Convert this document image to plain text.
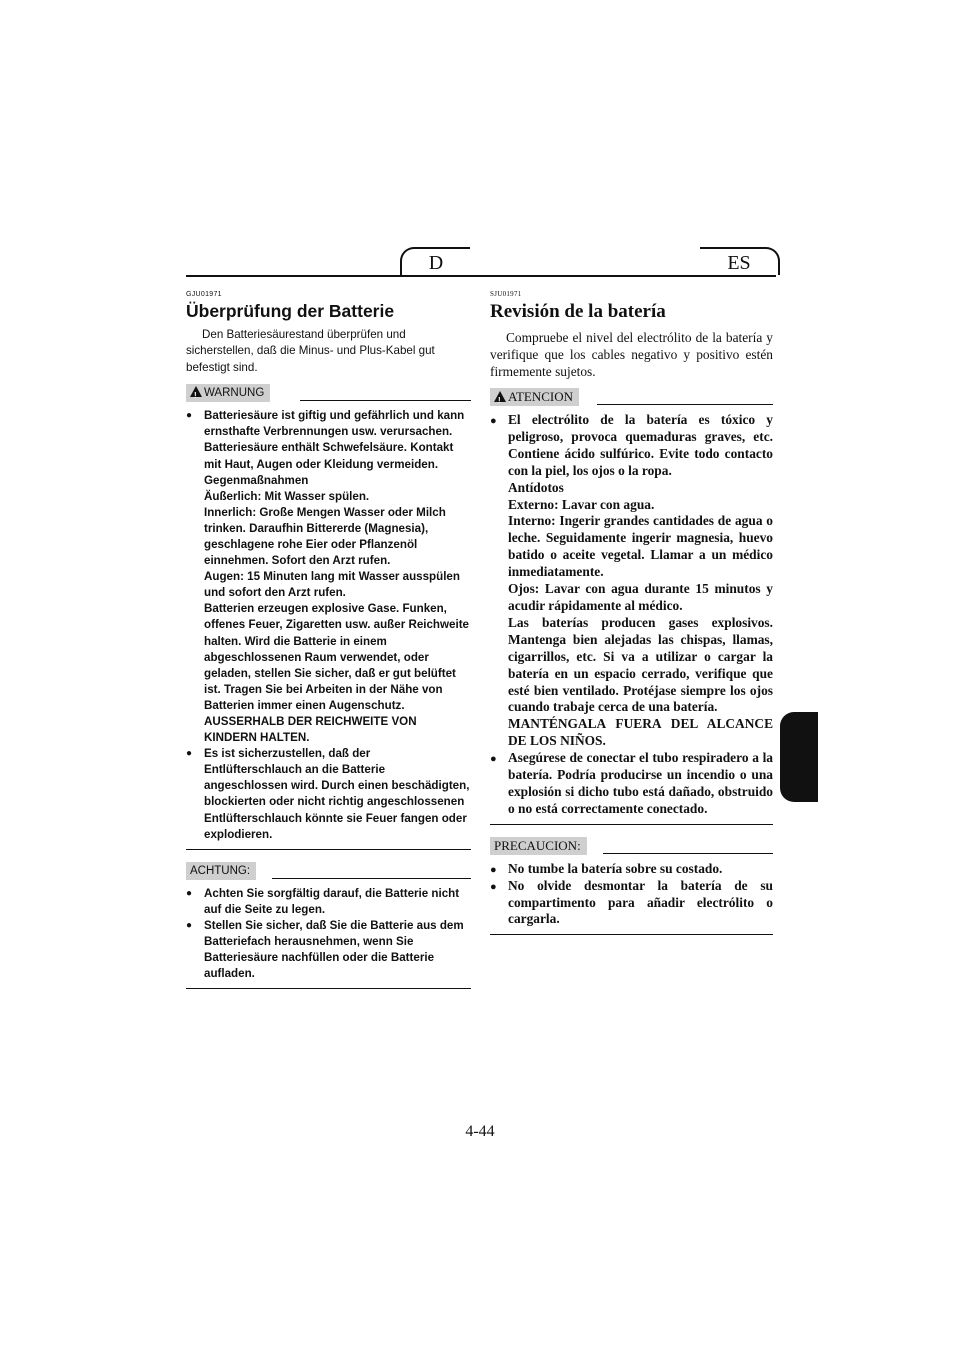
D	ES

GJU01971

Überprüfung der Batterie

Den Batteriesäurestand überprüfen und sicherstellen, daß die Minus- und Plus-Kabel gut befestigt sind.

!WARNUNG
● Batteriesäure ist giftig und gefährlich und kann ernsthafte Verbrennungen usw. verursachen. Batteriesäure enthält Schwefelsäure. Kontakt mit Haut, Augen oder Kleidung vermeiden.
Gegenmaßnahmen
Äußerlich: Mit Wasser spülen.
Innerlich: Große Mengen Wasser oder Milch trinken. Daraufhin Bittererde (Magnesia), geschlagene rohe Eier oder Pflanzenöl einnehmen. Sofort den Arzt rufen.
Augen: 15 Minuten lang mit Wasser ausspülen und sofort den Arzt rufen.
Batterien erzeugen explosive Gase. Funken, offenes Feuer, Zigaretten usw. außer Reichweite halten. Wird die Batterie in einem abgeschlossenen Raum verwendet, oder geladen, stellen Sie sicher, daß er gut belüftet ist. Tragen Sie bei Arbeiten in der Nähe von Batterien immer einen Augenschutz.
AUSSERHALB DER REICHWEITE VON KINDERN HALTEN.
● Es ist sicherzustellen, daß der Entlüfterschlauch an die Batterie angeschlossen wird. Durch einen beschädigten, blockierten oder nicht richtig angeschlossenen Entlüfterschlauch könnte sie Feuer fangen oder explodieren.
ACHTUNG:
● Achten Sie sorgfältig darauf, die Batterie nicht auf die Seite zu legen.
● Stellen Sie sicher, daß Sie die Batterie aus dem Batteriefach herausnehmen, wenn Sie Batteriesäure nachfüllen oder die Batterie aufladen.

SJU01971

Revisión de la batería

Compruebe el nivel del electrólito de la batería y verifique que los cables negativo y positivo estén firmemente sujetos.

!ATENCION
● El electrólito de la batería es tóxico y peligroso, provoca quemaduras graves, etc. Contiene ácido sulfúrico. Evite todo contacto con la piel, los ojos o la ropa.
Antídotos
Externo: Lavar con agua.
Interno: Ingerir grandes cantidades de agua o leche. Seguidamente ingerir magnesia, huevo batido o aceite vegetal. Llamar a un médico inmediatamente.
Ojos: Lavar con agua durante 15 minutos y acudir rápidamente al médico.
Las baterías producen gases explosivos. Mantenga bien alejadas las chispas, llamas, cigarrillos, etc. Si va a utilizar o cargar la batería en un espacio cerrado, verifique que esté bien ventilado. Protéjase siempre los ojos cuando trabaje cerca de una batería.
MANTÉNGALA FUERA DEL ALCANCE DE LOS NIÑOS.
● Asegúrese de conectar el tubo respiradero a la batería. Podría producirse un incendio o una explosión si dicho tubo está dañado, obstruido o no está correctamente conectado.
PRECAUCION:
● No tumbe la batería sobre su costado.
● No olvide desmontar la batería de su compartimento para añadir electrólito o cargarla.
4-44
